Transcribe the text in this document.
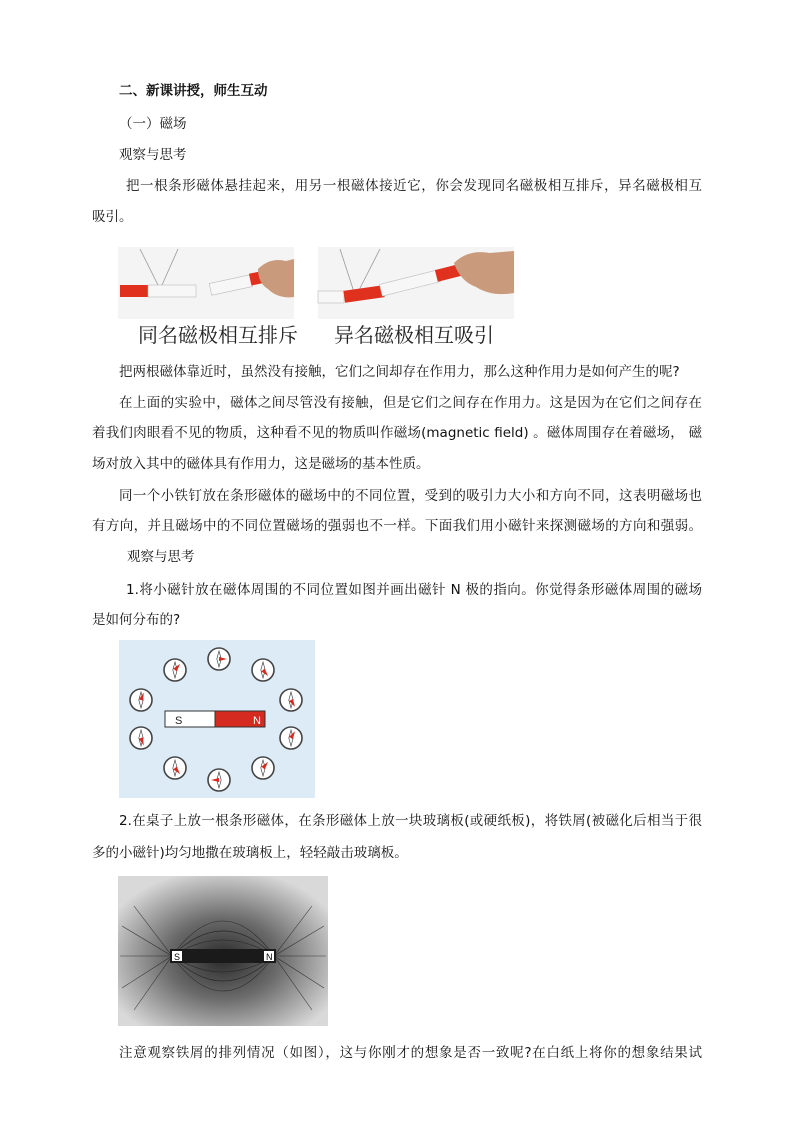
二、新课讲授，师生互动
（一）磁场
观察与思考
把一根条形磁体悬挂起来，用另一根磁体接近它，你会发现同名磁极相互排斥，异名磁极相互
吸引。
同名磁极相互排斥 异名磁极相互吸引
把两根磁体靠近时，虽然没有接触，它们之间却存在作用力，那么这种作用力是如何产生的呢?
在上面的实验中，磁体之间尽管没有接触，但是它们之间存在作用力。这是因为在它们之间存在
着我们肉眼看不见的物质，这种看不见的物质叫作磁场(magnetic field) 。磁体周围存在着磁场， 磁
场对放入其中的磁体具有作用力，这是磁场的基本性质。
同一个小铁钉放在条形磁体的磁场中的不同位置，受到的吸引力大小和方向不同，这表明磁场也
有方向，并且磁场中的不同位置磁场的强弱也不一样。下面我们用小磁针来探测磁场的方向和强弱。
观察与思考
1.将小磁针放在磁体周围的不同位置如图并画出磁针 N 极的指向。你觉得条形磁体周围的磁场
是如何分布的?
S	N
2.在桌子上放一根条形磁体，在条形磁体上放一块玻璃板(或硬纸板)，将铁屑(被磁化后相当于很
多的小磁针)均匀地撒在玻璃板上，轻轻敲击玻璃板。
S	N
注意观察铁屑的排列情况（如图），这与你刚才的想象是否一致呢?在白纸上将你的想象结果试
